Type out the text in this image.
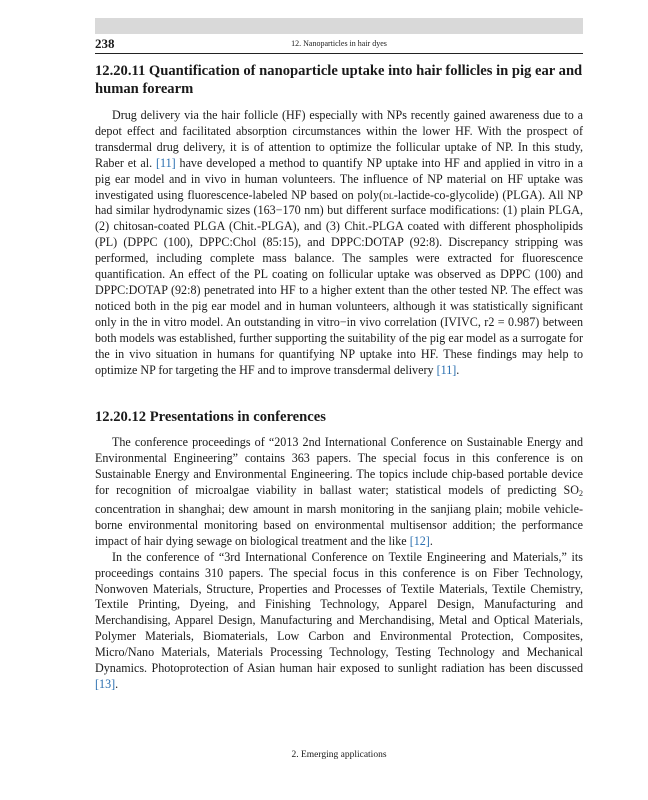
238	12. Nanoparticles in hair dyes
12.20.11 Quantification of nanoparticle uptake into hair follicles in pig ear and human forearm

Drug delivery via the hair follicle (HF) especially with NPs recently gained awareness due to a depot effect and facilitated absorption circumstances within the lower HF. With the prospect of transdermal drug delivery, it is of attention to optimize the follicular uptake of NP. In this study, Raber et al. [11] have developed a method to quantify NP uptake into HF and applied in vitro in a pig ear model and in vivo in human volunteers. The influence of NP material on HF uptake was investigated using fluorescence-labeled NP based on poly(dl-lactide-co-glycolide) (PLGA). All NP had similar hydrodynamic sizes (163−170 nm) but different surface modifications: (1) plain PLGA, (2) chitosan-coated PLGA (Chit.-PLGA), and (3) Chit.-PLGA coated with different phospholipids (PL) (DPPC (100), DPPC:Chol (85:15), and DPPC:DOTAP (92:8). Discrepancy stripping was performed, including complete mass balance. The samples were extracted for fluorescence quantification. An effect of the PL coating on follicular uptake was observed as DPPC (100) and DPPC:DOTAP (92:8) penetrated into HF to a higher extent than the other tested NP. The effect was noticed both in the pig ear model and in human volunteers, although it was statistically significant only in the in vitro model. An outstanding in vitro−in vivo correlation (IVIVC, r2 = 0.987) between both models was established, further supporting the suitability of the pig ear model as a surrogate for the in vivo situation in humans for quantifying NP uptake into HF. These findings may help to optimize NP for targeting the HF and to improve transdermal delivery [11].

12.20.12 Presentations in conferences

The conference proceedings of “2013 2nd International Conference on Sustainable Energy and Environmental Engineering” contains 363 papers. The special focus in this conference is on Sustainable Energy and Environmental Engineering. The topics include chip-based portable device for recognition of microalgae viability in ballast water; statistical models of predicting $SO_2$ concentration in shanghai; dew amount in marsh monitoring in the sanjiang plain; mobile vehicle-borne environmental monitoring based on environmental multisensor addition; the performance impact of hair dying sewage on biological treatment and the like [12].

In the conference of “3rd International Conference on Textile Engineering and Materials,” its proceedings contains 310 papers. The special focus in this conference is on Fiber Technology, Nonwoven Materials, Structure, Properties and Processes of Textile Materials, Textile Chemistry, Textile Printing, Dyeing, and Finishing Technology, Apparel Design, Manufacturing and Merchandising, Apparel Design, Manufacturing and Merchandising, Metal and Optical Materials, Polymer Materials, Biomaterials, Low Carbon and Environmental Protection, Composites, Micro/Nano Materials, Materials Processing Technology, Testing Technology and Mechanical Dynamics. Photoprotection of Asian human hair exposed to sunlight radiation has been discussed [13].

2. Emerging applications
